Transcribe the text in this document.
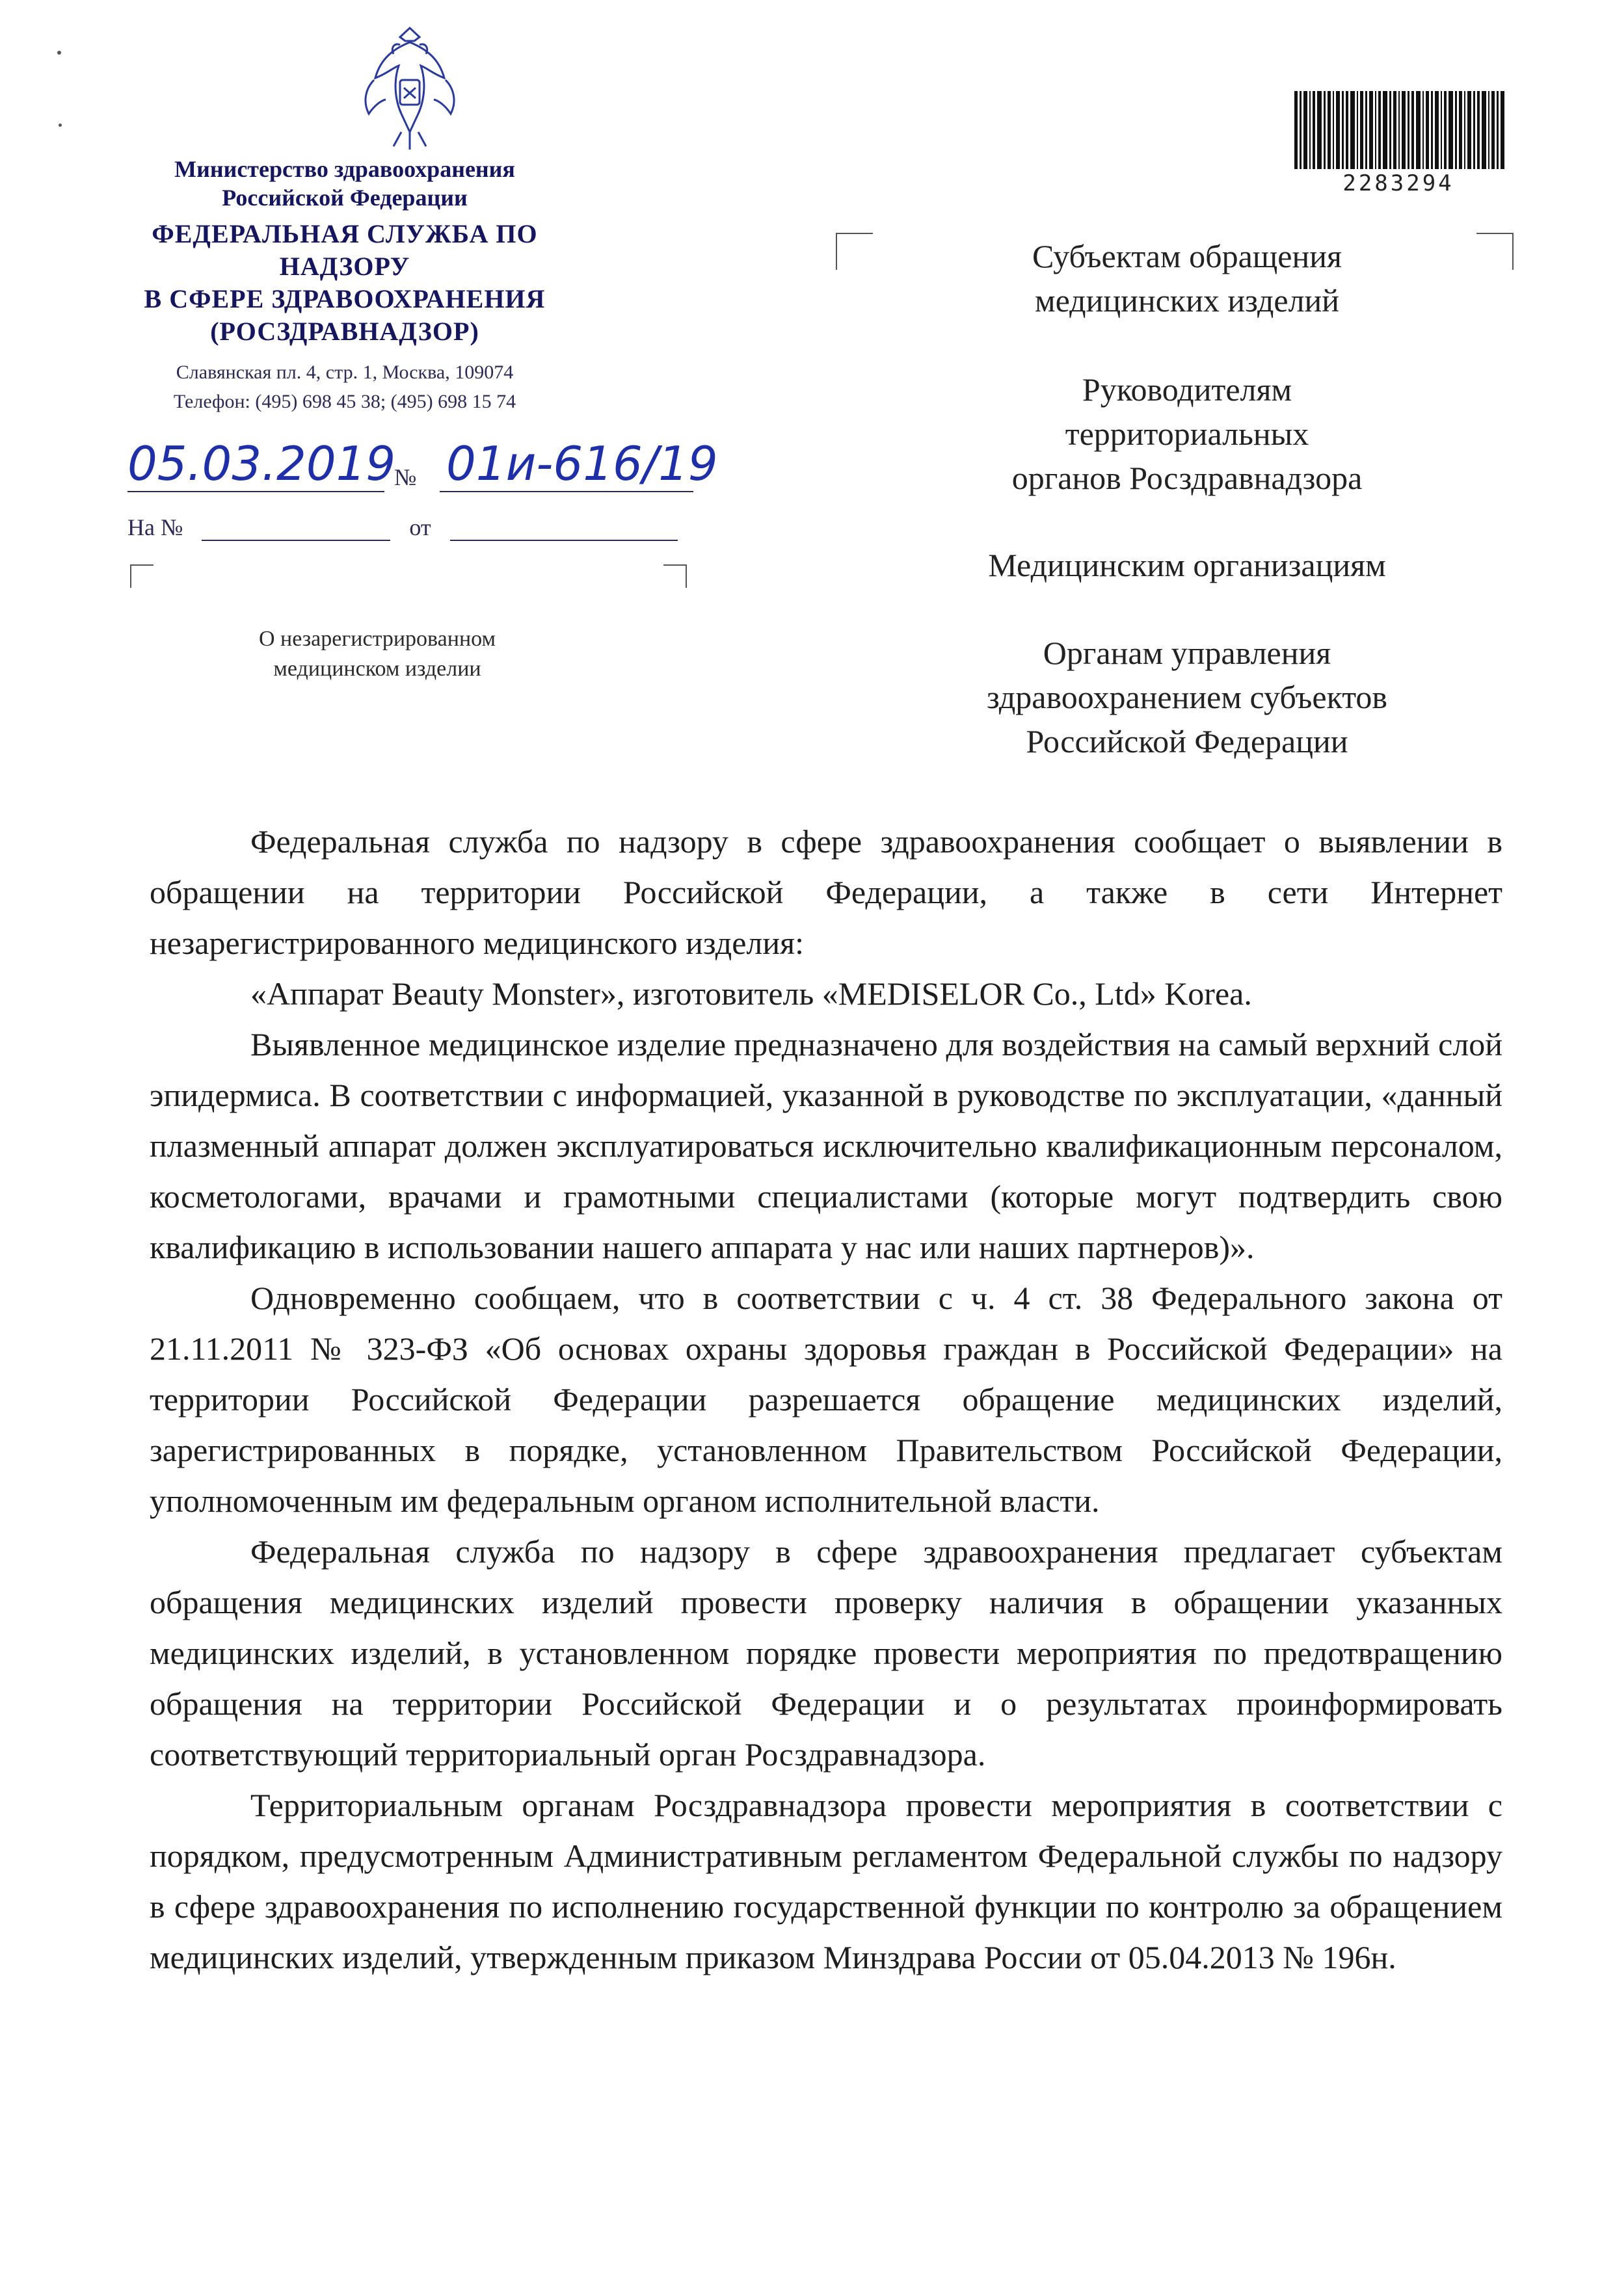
Министерство здравоохранения
Российской Федерации
ФЕДЕРАЛЬНАЯ СЛУЖБА ПО НАДЗОРУ
В СФЕРЕ ЗДРАВООХРАНЕНИЯ
(РОСЗДРАВНАДЗОР)
Славянская пл. 4, стр. 1, Москва, 109074
Телефон: (495) 698 45 38; (495) 698 15 74
05.03.2019
№ 01и-616/19
На №	от
О незарегистрированном
медицинском изделии
2283294
Субъектам обращения
медицинских изделий
Руководителям
территориальных
органов Росздравнадзора
Медицинским организациям
Органам управления
здравоохранением субъектов
Российской Федерации

Федеральная служба по надзору в сфере здравоохранения сообщает о выявлении в обращении на территории Российской Федерации, а также в сети Интернет незарегистрированного медицинского изделия:

«Аппарат Beauty Monster», изготовитель «MEDISELOR Co., Ltd» Korea.

Выявленное медицинское изделие предназначено для воздействия на самый верхний слой эпидермиса. В соответствии с информацией, указанной в руководстве по эксплуатации, «данный плазменный аппарат должен эксплуатироваться исключительно квалификационным персоналом, косметологами, врачами и грамотными специалистами (которые могут подтвердить свою квалификацию в использовании нашего аппарата у нас или наших партнеров)».

Одновременно сообщаем, что в соответствии с ч. 4 ст. 38 Федерального закона от 21.11.2011 № 323-ФЗ «Об основах охраны здоровья граждан в Российской Федерации» на территории Российской Федерации разрешается обращение медицинских изделий, зарегистрированных в порядке, установленном Правительством Российской Федерации, уполномоченным им федеральным органом исполнительной власти.

Федеральная служба по надзору в сфере здравоохранения предлагает субъектам обращения медицинских изделий провести проверку наличия в обращении указанных медицинских изделий, в установленном порядке провести мероприятия по предотвращению обращения на территории Российской Федерации и о результатах проинформировать соответствующий территориальный орган Росздравнадзора.

Территориальным органам Росздравнадзора провести мероприятия в соответствии с порядком, предусмотренным Административным регламентом Федеральной службы по надзору в сфере здравоохранения по исполнению государственной функции по контролю за обращением медицинских изделий, утвержденным приказом Минздрава России от 05.04.2013 № 196н.
